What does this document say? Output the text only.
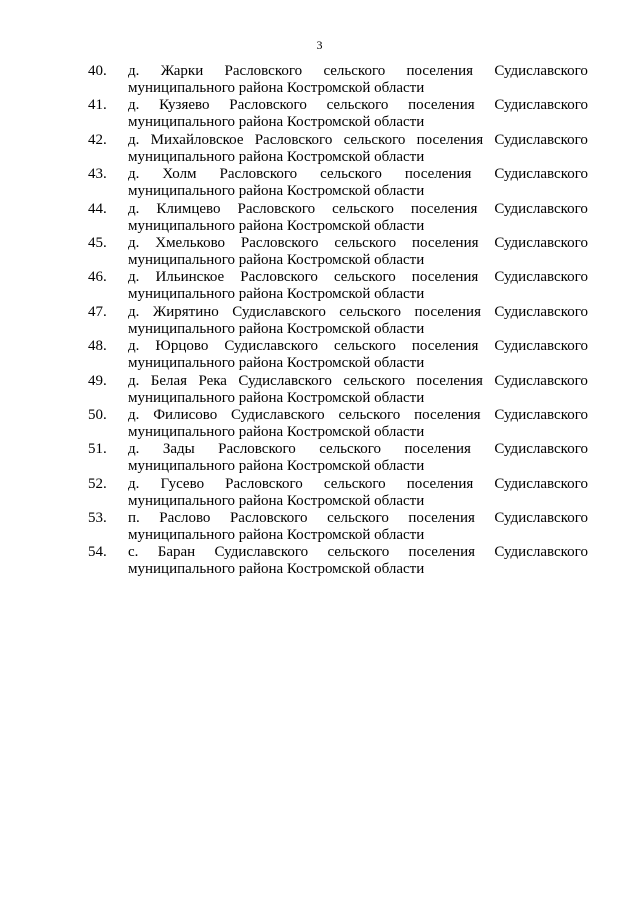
3
40.	д. Жарки Расловского сельского поселения Судиславского
муниципального района Костромской области
41.	д. Кузяево Расловского сельского поселения Судиславского
муниципального района Костромской области
42.	д. Михайловское Расловского сельского поселения Судиславского
муниципального района Костромской области
43.	д. Холм Расловского сельского поселения Судиславского
муниципального района Костромской области
44.	д. Климцево Расловского сельского поселения Судиславского
муниципального района Костромской области
45.	д. Хмельково Расловского сельского поселения Судиславского
муниципального района Костромской области
46.	д. Ильинское Расловского сельского поселения Судиславского
муниципального района Костромской области
47.	д. Жирятино Судиславского сельского поселения Судиславского
муниципального района Костромской области
48.	д. Юрцово Судиславского сельского поселения Судиславского
муниципального района Костромской области
49.	д. Белая Река Судиславского сельского поселения Судиславского
муниципального района Костромской области
50.	д. Филисово Судиславского сельского поселения Судиславского
муниципального района Костромской области
51.	д. Зады Расловского сельского поселения Судиславского
муниципального района Костромской области
52.	д. Гусево Расловского сельского поселения Судиславского
муниципального района Костромской области
53.	п. Раслово Расловского сельского поселения Судиславского
муниципального района Костромской области
54.	с. Баран Судиславского сельского поселения Судиславского
муниципального района Костромской области
